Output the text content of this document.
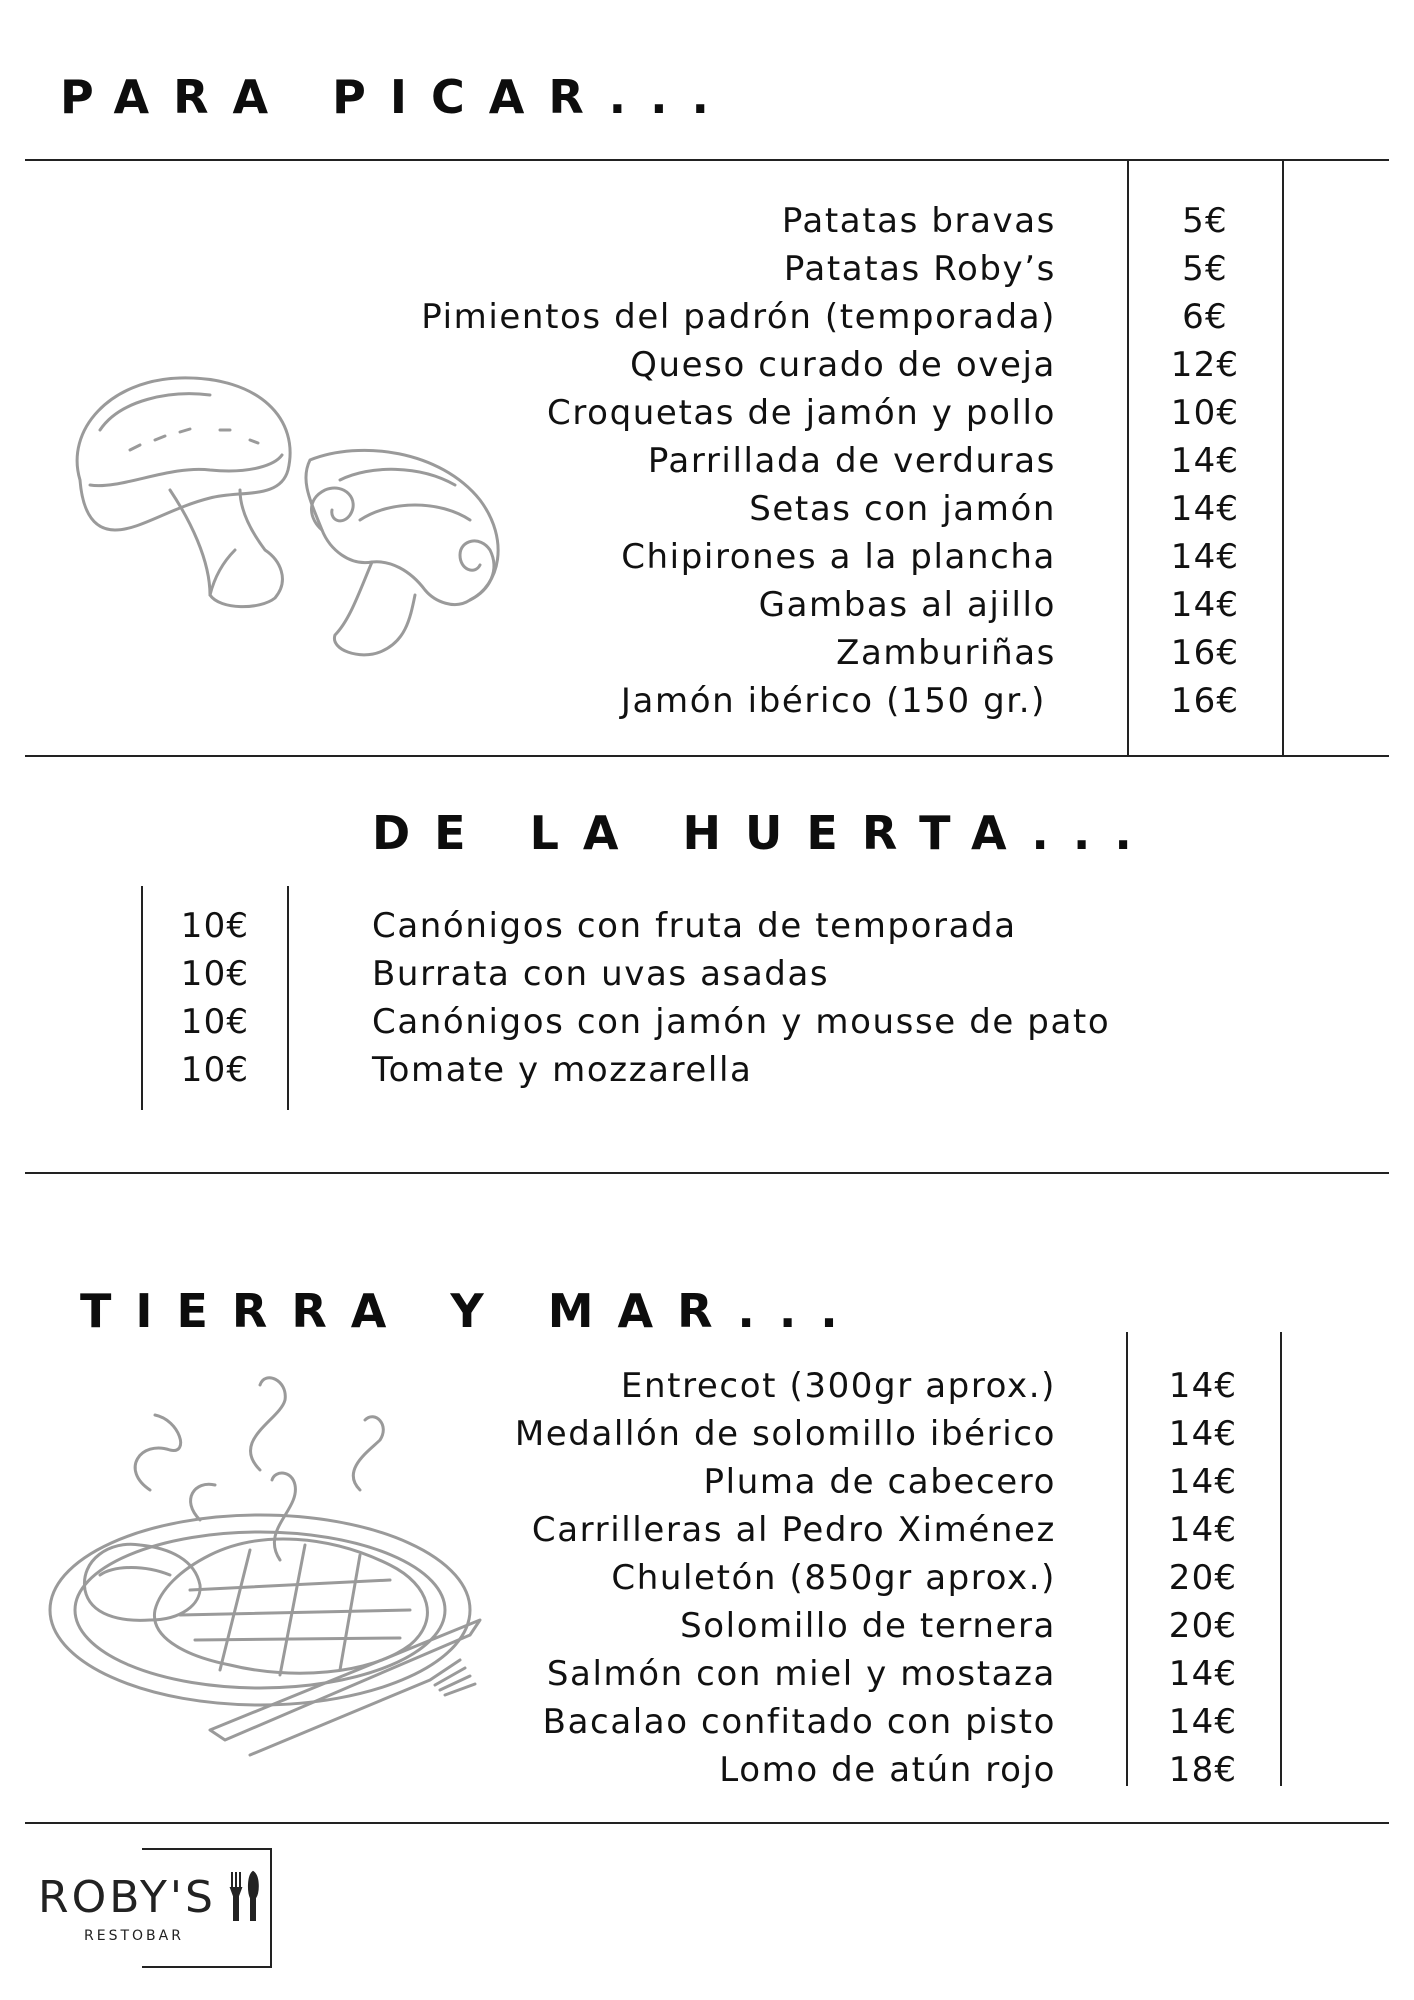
PARA PICAR...
Patatas bravas
Patatas Roby’s
Pimientos del padrón (temporada)
Queso curado de oveja
Croquetas de jamón y pollo
Parrillada de verduras
Setas con jamón
Chipirones a la plancha
Gambas al ajillo
Zamburiñas
Jamón ibérico (150 gr.)
5€
5€
6€
12€
10€
14€
14€
14€
14€
16€
16€
DE LA HUERTA...
10€
10€
10€
10€
Canónigos con fruta de temporada
Burrata con uvas asadas
Canónigos con jamón y mousse de pato
Tomate y mozzarella
TIERRA Y MAR...
Entrecot (300gr aprox.)
Medallón de solomillo ibérico
Pluma de cabecero
Carrilleras al Pedro Ximénez
Chuletón (850gr aprox.)
Solomillo de ternera
Salmón con miel y mostaza
Bacalao confitado con pisto
Lomo de atún rojo
14€
14€
14€
14€
20€
20€
14€
14€
18€
ROBY'S
RESTOBAR
